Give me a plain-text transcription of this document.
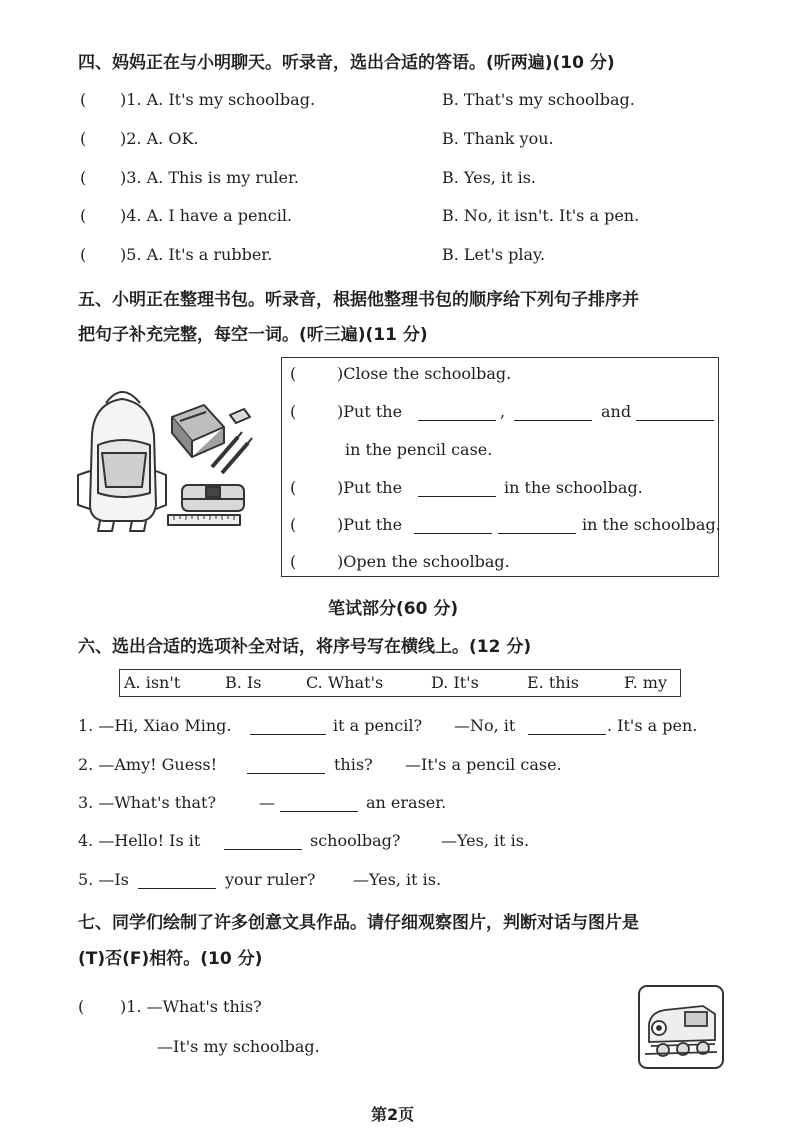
四、妈妈正在与小明聊天。听录音，选出合适的答语。(听两遍)(10 分)
( )1. A. It's my schoolbag.	B. That's my schoolbag.
( )2. A. OK.	B. Thank you.
( )3. A. This is my ruler.	B. Yes, it is.
( )4. A. I have a pencil.	B. No, it isn't. It's a pen.
( )5. A. It's a rubber.	B. Let's play.
五、小明正在整理书包。听录音，根据他整理书包的顺序给下列句子排序并
把句子补充完整，每空一词。(听三遍)(11 分)
(	)Close the schoolbag.
(	)Put the	,	and
in the pencil case.
(	)Put the	in the schoolbag.
(	)Put the	in the schoolbag.
(	)Open the schoolbag.
笔试部分(60 分)
六、选出合适的选项补全对话，将序号写在横线上。(12 分)
A. isn't	B. Is	C. What's	D. It's	E. this	F. my
1. —Hi, Xiao Ming.	it a pencil? —No, it	. It's a pen.
2. —Amy! Guess!	this? —It's a pencil case.
3. —What's that?	—	an eraser.
4. —Hello! Is it	schoolbag?	—Yes, it is.
5. —Is	your ruler? —Yes, it is.
七、同学们绘制了许多创意文具作品。请仔细观察图片，判断对话与图片是
(T)否(F)相符。(10 分)
( )1. —What's this?
—It's my schoolbag.
第2页
